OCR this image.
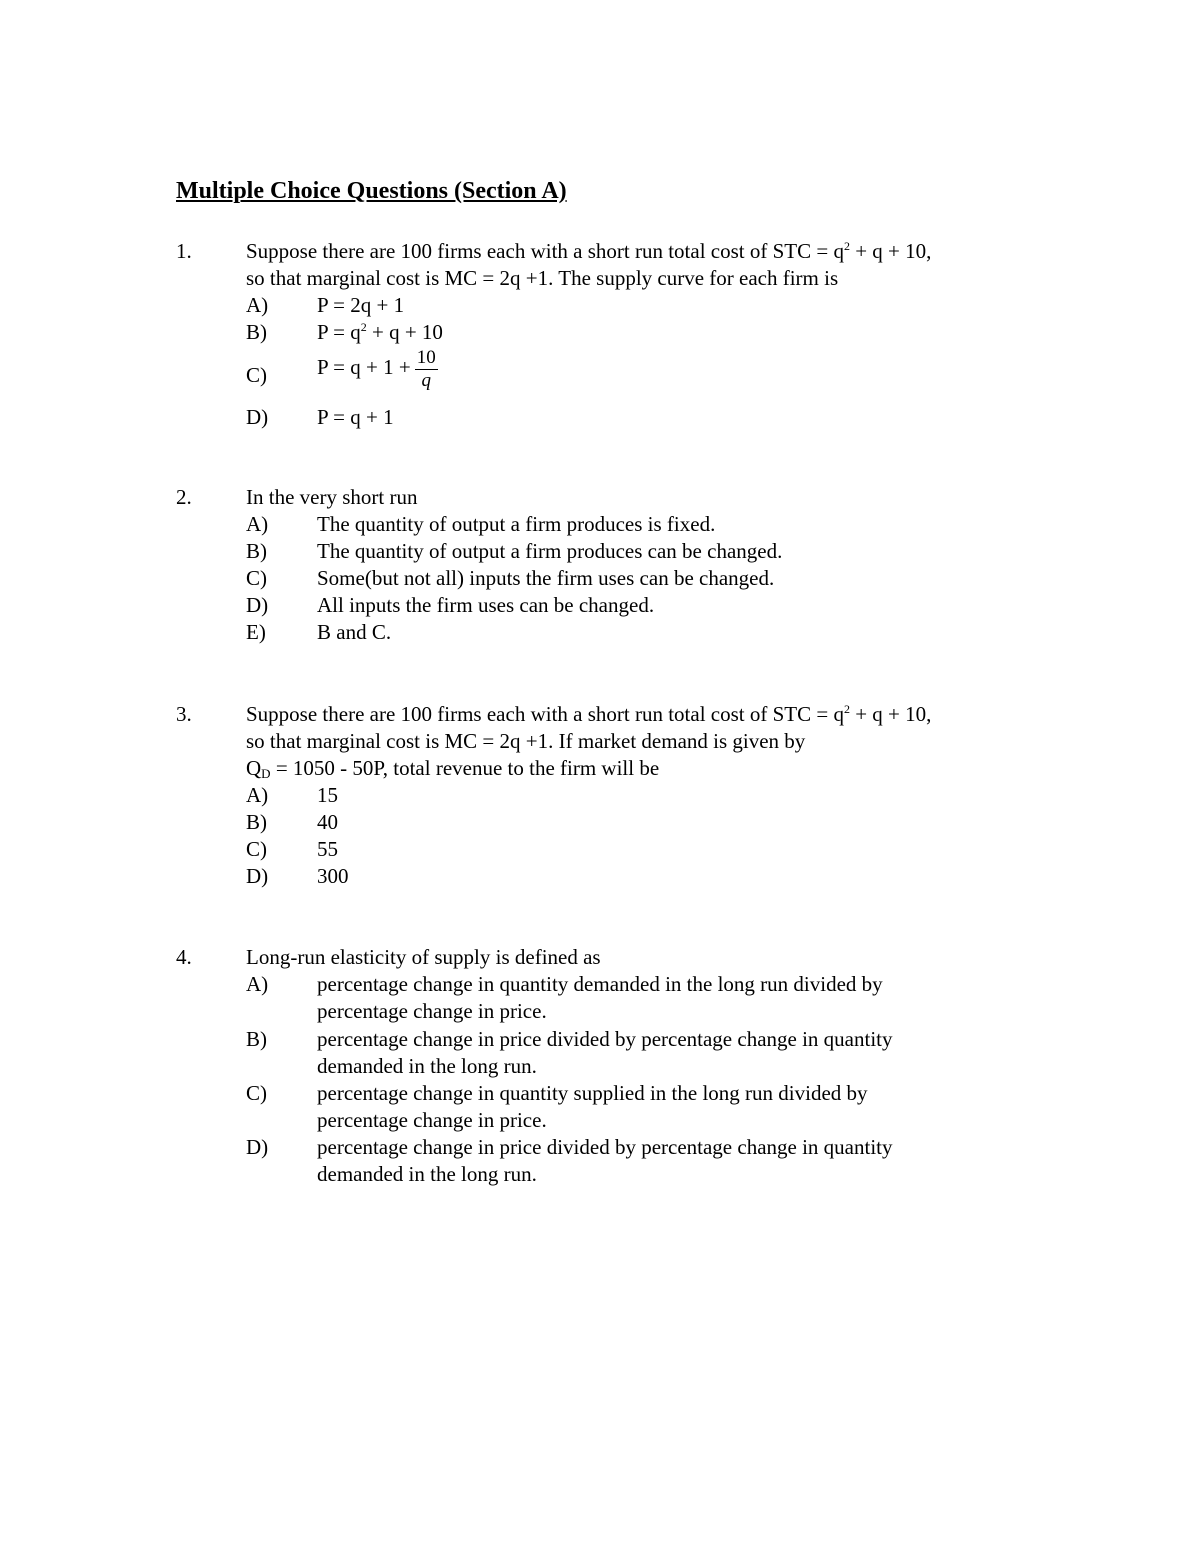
Multiple Choice Questions (Section A)
1.	Suppose there are 100 firms each with a short run total cost of STC = $q^2 + q + 10$,
so that marginal cost is MC = 2q +1. The supply curve for each firm is
A) P = 2q + 1
B) $P = q^2 + q + 10$
C) $P = q + 1 + \frac{10}{q}$
D) P = q + 1
2.	In the very short run
A) The quantity of output a firm produces is fixed.
B) The quantity of output a firm produces can be changed.
C) Some(but not all) inputs the firm uses can be changed.
D) All inputs the firm uses can be changed.
E) B and C.
3.	Suppose there are 100 firms each with a short run total cost of STC = $q^2 + q + 10$,
so that marginal cost is MC = 2q +1. If market demand is given by
$Q_D = 1050 - 50P$, total revenue to the firm will be
A) 15
B) 40
C) 55
D) 300
4.	Long-run elasticity of supply is defined as
A) percentage change in quantity demanded in the long run divided by
percentage change in price.
B) percentage change in price divided by percentage change in quantity
demanded in the long run.
C) percentage change in quantity supplied in the long run divided by
percentage change in price.
D) percentage change in price divided by percentage change in quantity
demanded in the long run.
